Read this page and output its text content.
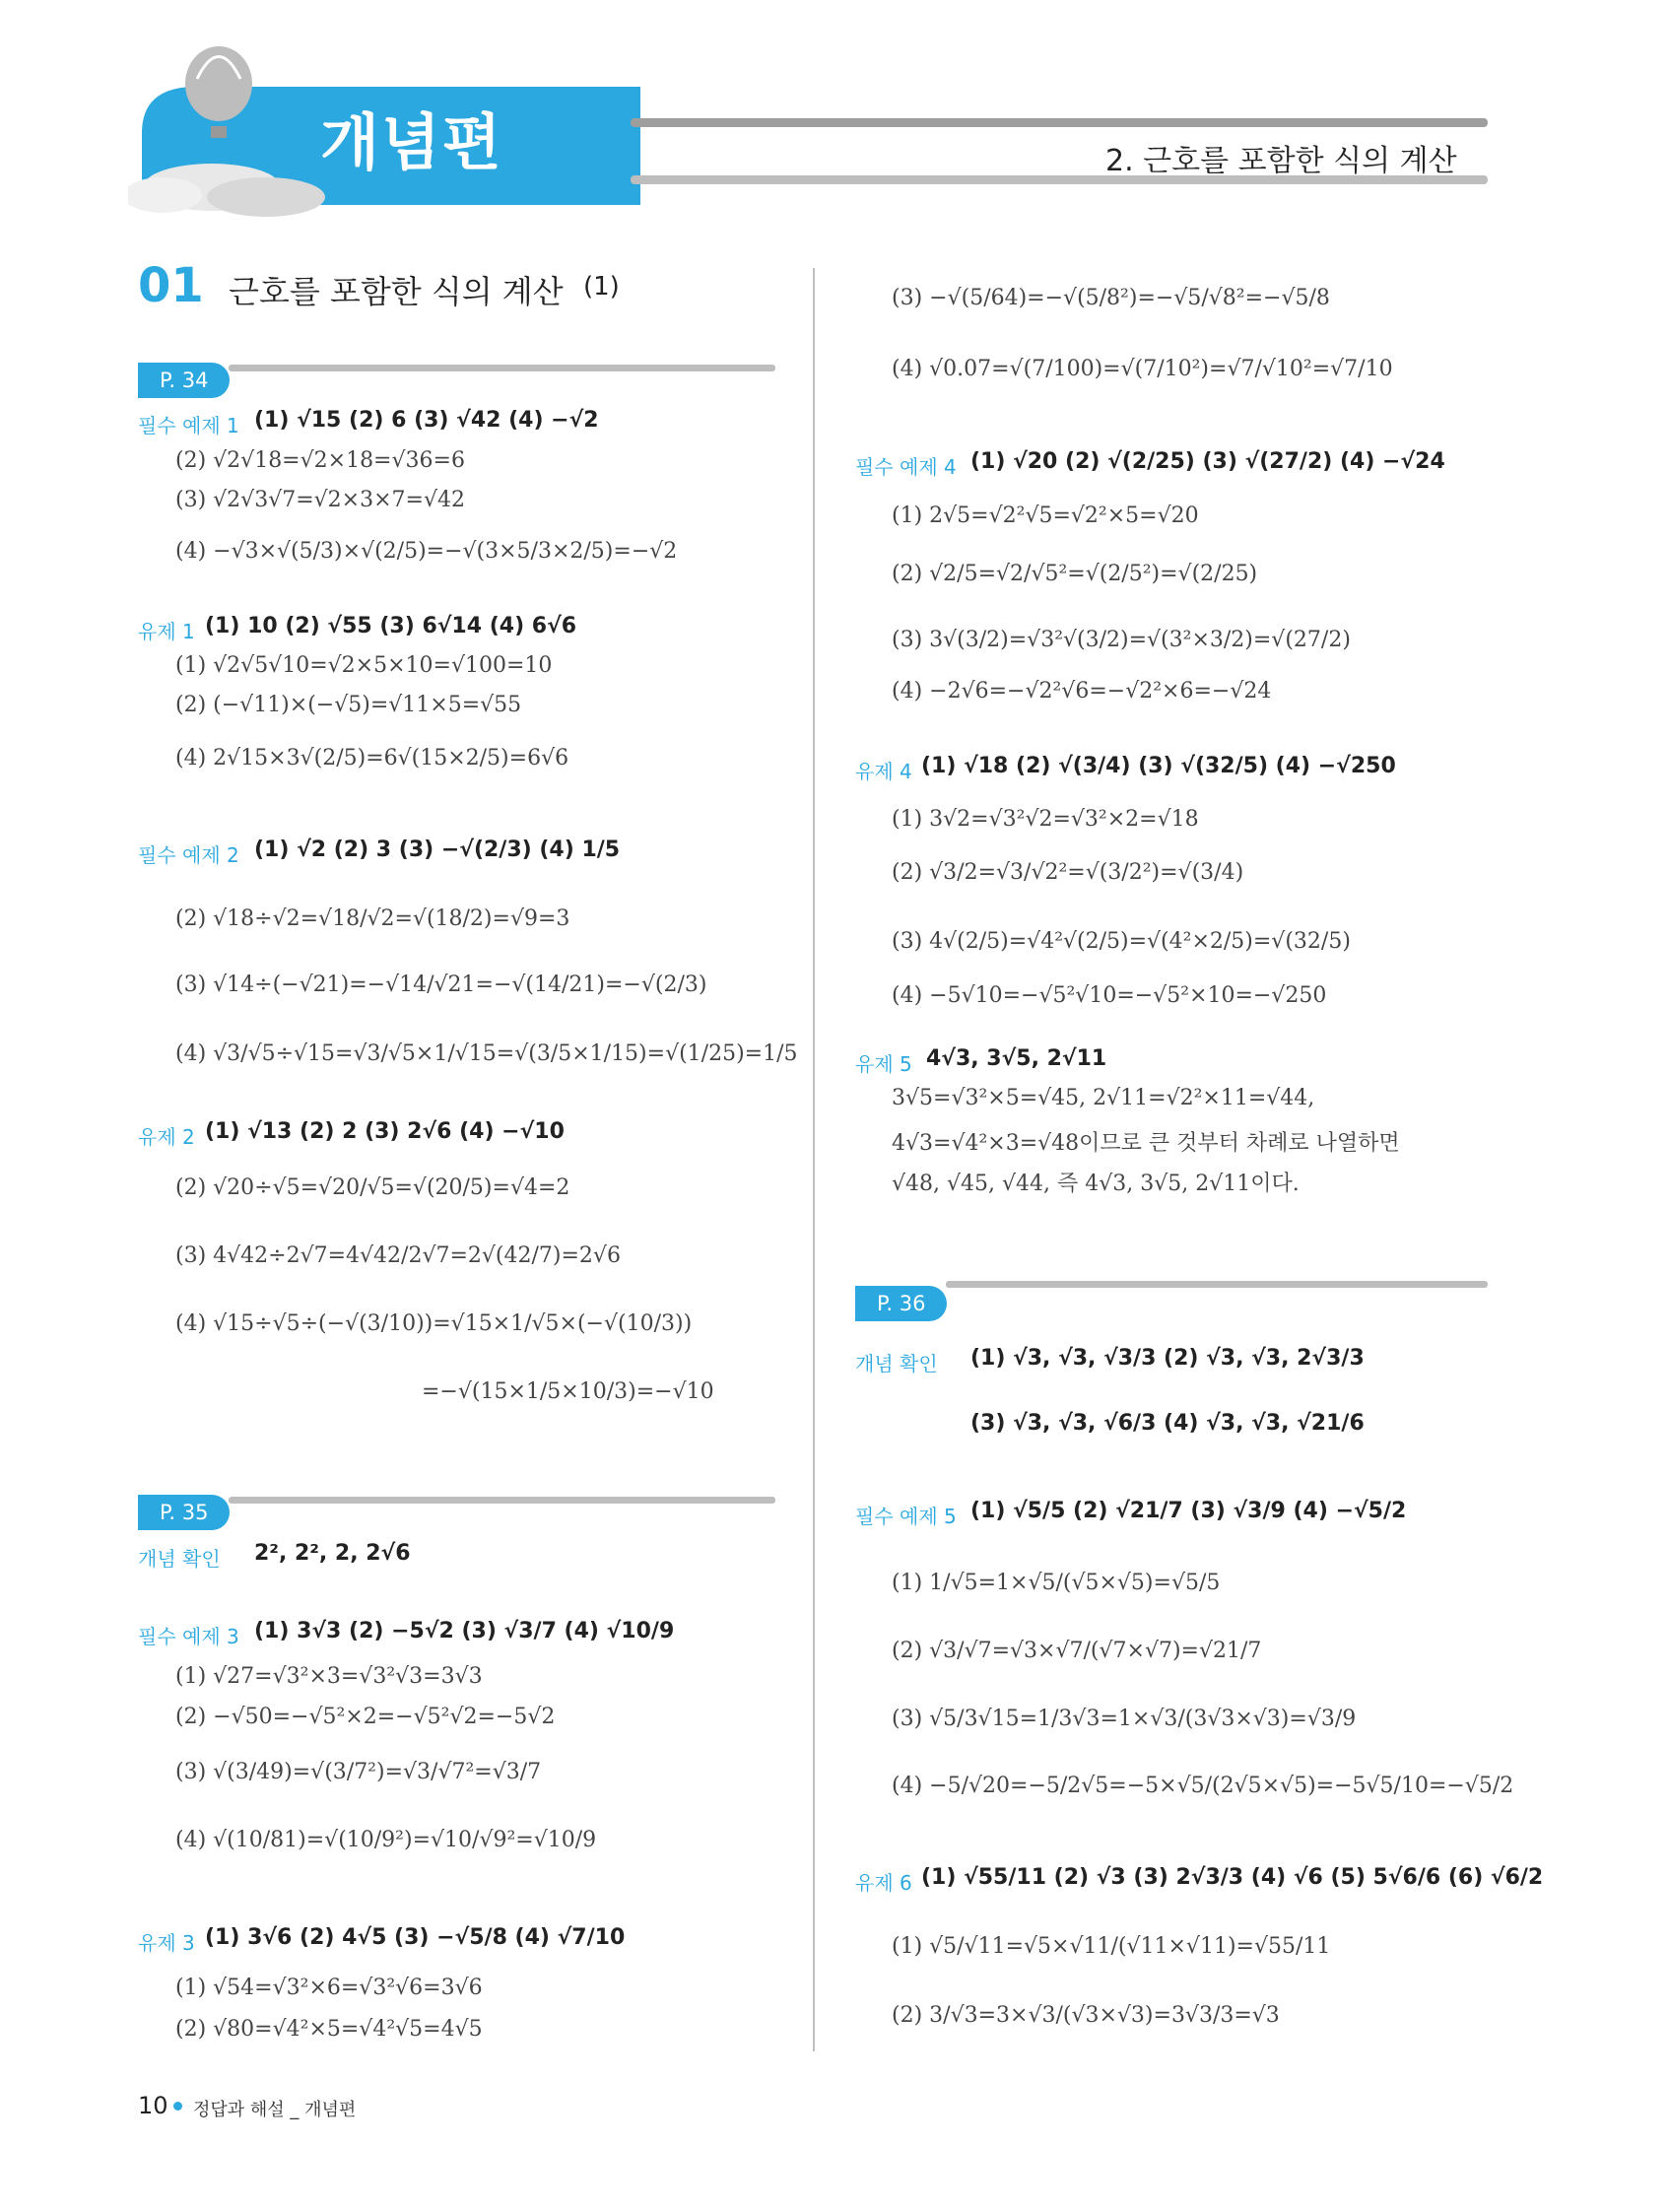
개념편	2. 근호를 포함한 식의 계산
01 근호를 포함한 식의 계산 (1)
P. 34
필수 예제 1 (1) √15 (2) 6 (3) √42 (4) −√2
(2) √2√18=√2×18=√36=6
(3) √2√3√7=√2×3×7=√42
(4) −√3×√(5/3)×√(2/5)=−√(3×5/3×2/5)=−√2
유제 1 (1) 10 (2) √55 (3) 6√14 (4) 6√6
(1) √2√5√10=√2×5×10=√100=10
(2) (−√11)×(−√5)=√11×5=√55
(4) 2√15×3√(2/5)=6√(15×2/5)=6√6
필수 예제 2 (1) √2 (2) 3 (3) −√(2/3) (4) 1/5
(2) √18÷√2=√18/√2=√(18/2)=√9=3
(3) √14÷(−√21)=−√14/√21=−√(14/21)=−√(2/3)
(4) √3/√5÷√15=√3/√5×1/√15=√(3/5×1/15)=√(1/25)=1/5
유제 2 (1) √13 (2) 2 (3) 2√6 (4) −√10
(2) √20÷√5=√20/√5=√(20/5)=√4=2
(3) 4√42÷2√7=4√42/2√7=2√(42/7)=2√6
(4) √15÷√5÷(−√(3/10))=√15×1/√5×(−√(10/3))
=−√(15×1/5×10/3)=−√10
P. 35
개념 확인 2², 2², 2, 2√6
필수 예제 3 (1) 3√3 (2) −5√2 (3) √3/7 (4) √10/9
(1) √27=√3²×3=√3²√3=3√3
(2) −√50=−√5²×2=−√5²√2=−5√2
(3) √(3/49)=√(3/7²)=√3/√7²=√3/7
(4) √(10/81)=√(10/9²)=√10/√9²=√10/9
유제 3 (1) 3√6 (2) 4√5 (3) −√5/8 (4) √7/10
(1) √54=√3²×6=√3²√6=3√6
(2) √80=√4²×5=√4²√5=4√5
(3) −√(5/64)=−√(5/8²)=−√5/√8²=−√5/8
(4) √0.07=√(7/100)=√(7/10²)=√7/√10²=√7/10
필수 예제 4 (1) √20 (2) √(2/25) (3) √(27/2) (4) −√24
(1) 2√5=√2²√5=√2²×5=√20
(2) √2/5=√2/√5²=√(2/5²)=√(2/25)
(3) 3√(3/2)=√3²√(3/2)=√(3²×3/2)=√(27/2)
(4) −2√6=−√2²√6=−√2²×6=−√24
유제 4 (1) √18 (2) √(3/4) (3) √(32/5) (4) −√250
(1) 3√2=√3²√2=√3²×2=√18
(2) √3/2=√3/√2²=√(3/2²)=√(3/4)
(3) 4√(2/5)=√4²√(2/5)=√(4²×2/5)=√(32/5)
(4) −5√10=−√5²√10=−√5²×10=−√250
유제 5 4√3, 3√5, 2√11
3√5=√3²×5=√45, 2√11=√2²×11=√44,
4√3=√4²×3=√48이므로 큰 것부터 차례로 나열하면
√48, √45, √44, 즉 4√3, 3√5, 2√11이다.
P. 36
개념 확인 (1) √3, √3, √3/3 (2) √3, √3, 2√3/3
(3) √3, √3, √6/3 (4) √3, √3, √21/6
필수 예제 5 (1) √5/5 (2) √21/7 (3) √3/9 (4) −√5/2
(1) 1/√5=1×√5/(√5×√5)=√5/5
(2) √3/√7=√3×√7/(√7×√7)=√21/7
(3) √5/3√15=1/3√3=1×√3/(3√3×√3)=√3/9
(4) −5/√20=−5/2√5=−5×√5/(2√5×√5)=−5√5/10=−√5/2
유제 6 (1) √55/11 (2) √3 (3) 2√3/3 (4) √6 (5) 5√6/6 (6) √6/2
(1) √5/√11=√5×√11/(√11×√11)=√55/11
(2) 3/√3=3×√3/(√3×√3)=3√3/3=√3
10 정답과 해설 _ 개념편
